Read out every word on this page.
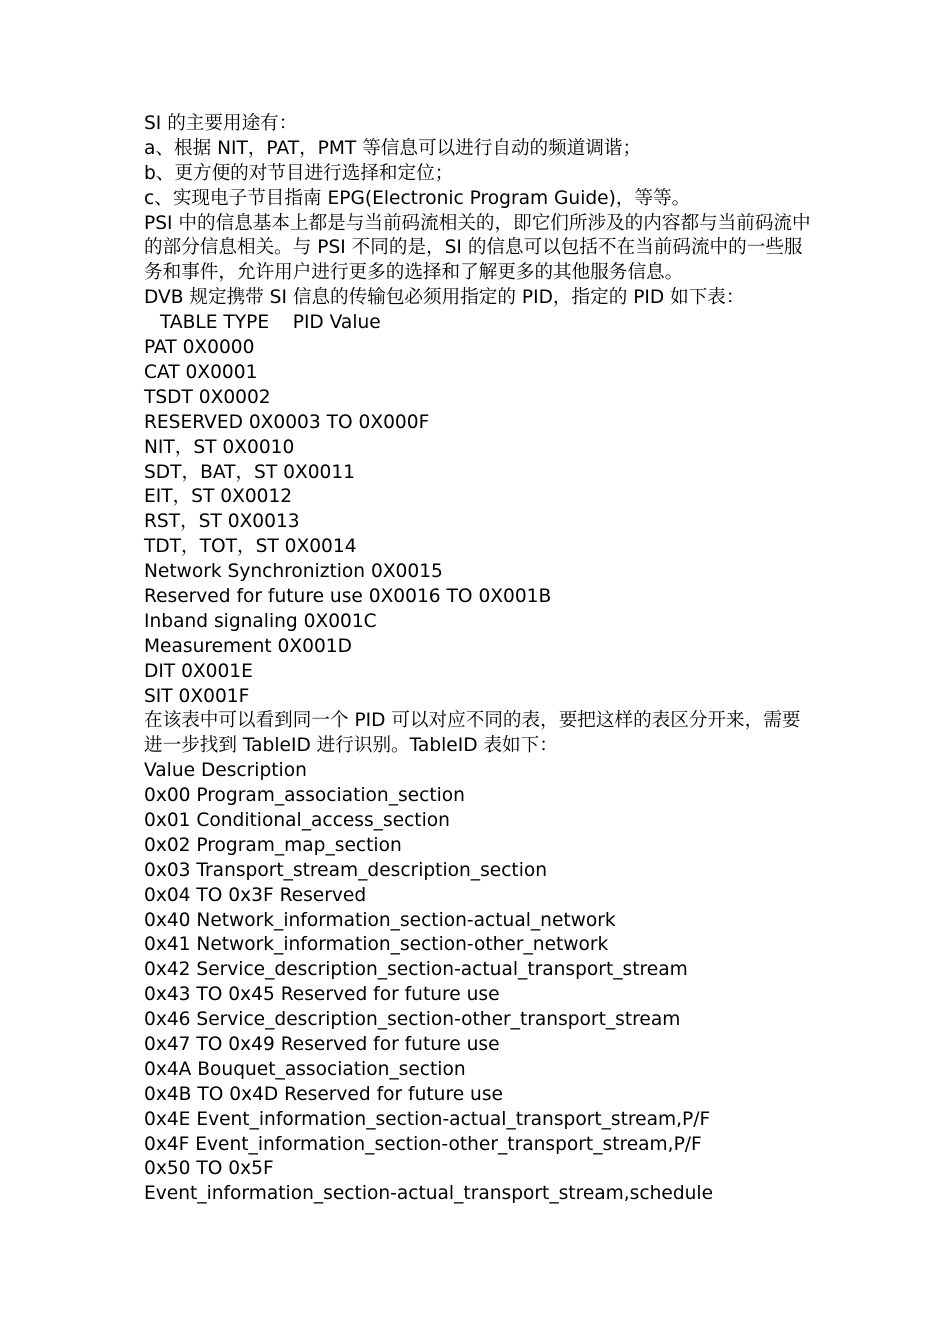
SI 的主要用途有：
a、根据 NIT，PAT，PMT 等信息可以进行自动的频道调谐；
b、更方便的对节目进行选择和定位；
c、实现电子节目指南 EPG(Electronic Program Guide)，等等。
PSI 中的信息基本上都是与当前码流相关的，即它们所涉及的内容都与当前码流中的部分信息相关。与 PSI 不同的是，SI 的信息可以包括不在当前码流中的一些服务和事件，允许用户进行更多的选择和了解更多的其他服务信息。
DVB 规定携带 SI 信息的传输包必须用指定的 PID，指定的 PID 如下表：
TABLE TYPE    PID Value
PAT 0X0000
CAT 0X0001
TSDT 0X0002
RESERVED 0X0003 TO 0X000F
NIT，ST 0X0010
SDT，BAT，ST 0X0011
EIT，ST 0X0012
RST，ST 0X0013
TDT，TOT，ST 0X0014
Network Synchroniztion 0X0015
Reserved for future use 0X0016 TO 0X001B
Inband signaling 0X001C
Measurement 0X001D
DIT 0X001E
SIT 0X001F
在该表中可以看到同一个 PID 可以对应不同的表，要把这样的表区分开来，需要进一步找到 TableID 进行识别。TableID 表如下：
Value Description
0x00 Program_association_section
0x01 Conditional_access_section
0x02 Program_map_section
0x03 Transport_stream_description_section
0x04 TO 0x3F Reserved
0x40 Network_information_section-actual_network
0x41 Network_information_section-other_network
0x42 Service_description_section-actual_transport_stream
0x43 TO 0x45 Reserved for future use
0x46 Service_description_section-other_transport_stream
0x47 TO 0x49 Reserved for future use
0x4A Bouquet_association_section
0x4B TO 0x4D Reserved for future use
0x4E Event_information_section-actual_transport_stream,P/F
0x4F Event_information_section-other_transport_stream,P/F
0x50 TO 0x5F
Event_information_section-actual_transport_stream,schedule
